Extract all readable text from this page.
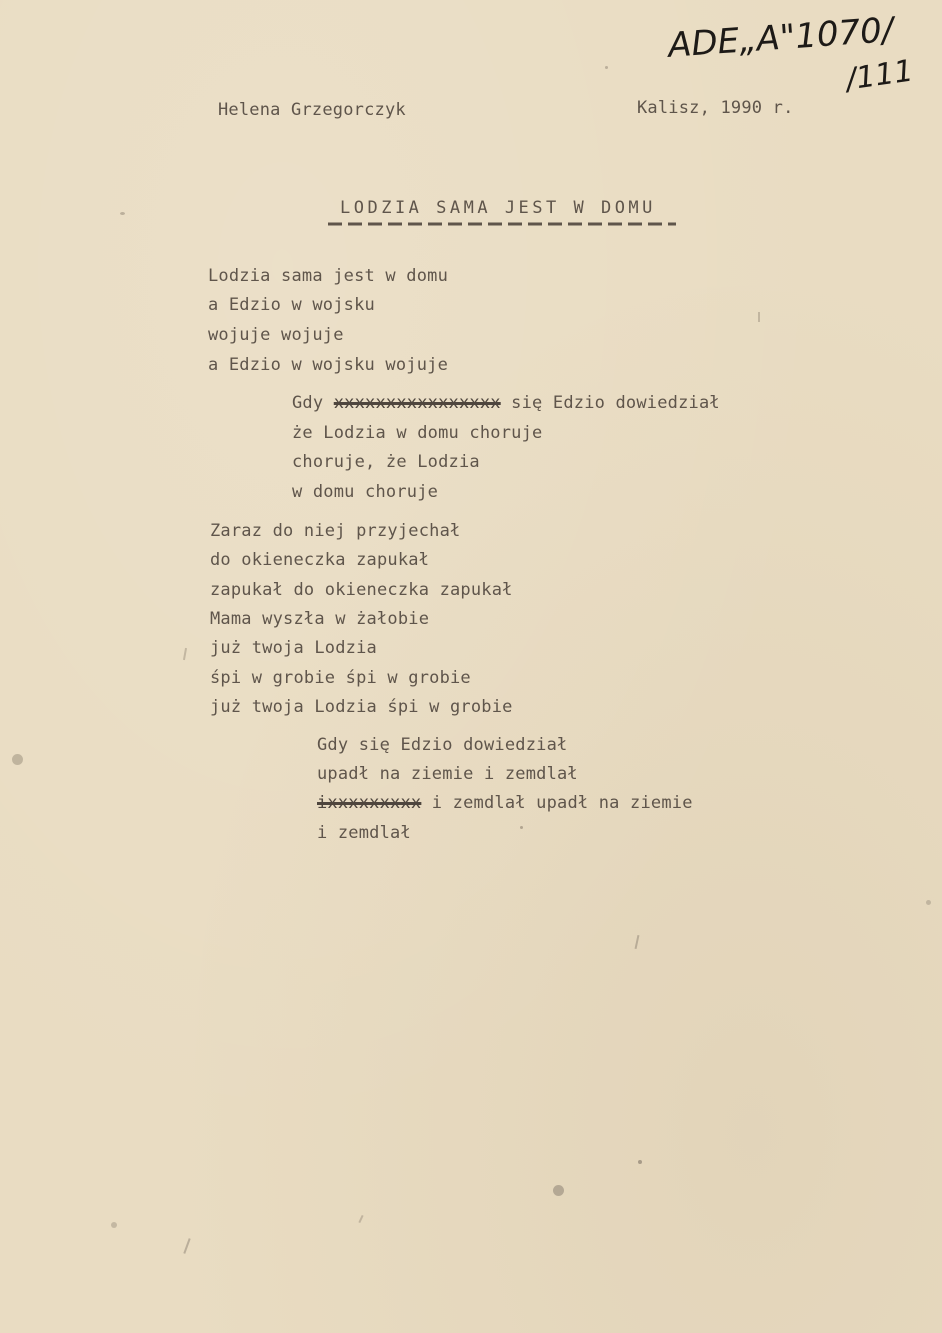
ADE„A"1070/
/111
Helena Grzegorczyk	Kalisz, 1990 r.
LODZIA SAMA JEST W DOMU
Lodzia sama jest w domu
a Edzio w wojsku
wojuje wojuje
a Edzio w wojsku wojuje
Gdy xxxxxxxxxxxxxxxx się Edzio dowiedział
że Lodzia w domu choruje
choruje, że Lodzia
w domu choruje
Zaraz do niej przyjechał
do okieneczka zapukał
zapukał do okieneczka zapukał
Mama wyszła w żałobie
już twoja Lodzia
śpi w grobie śpi w grobie
już twoja Lodzia śpi w grobie
Gdy się Edzio dowiedział
upadł na ziemie i zemdlał
ixxxxxxxxx i zemdlał upadł na ziemie
i zemdlał
